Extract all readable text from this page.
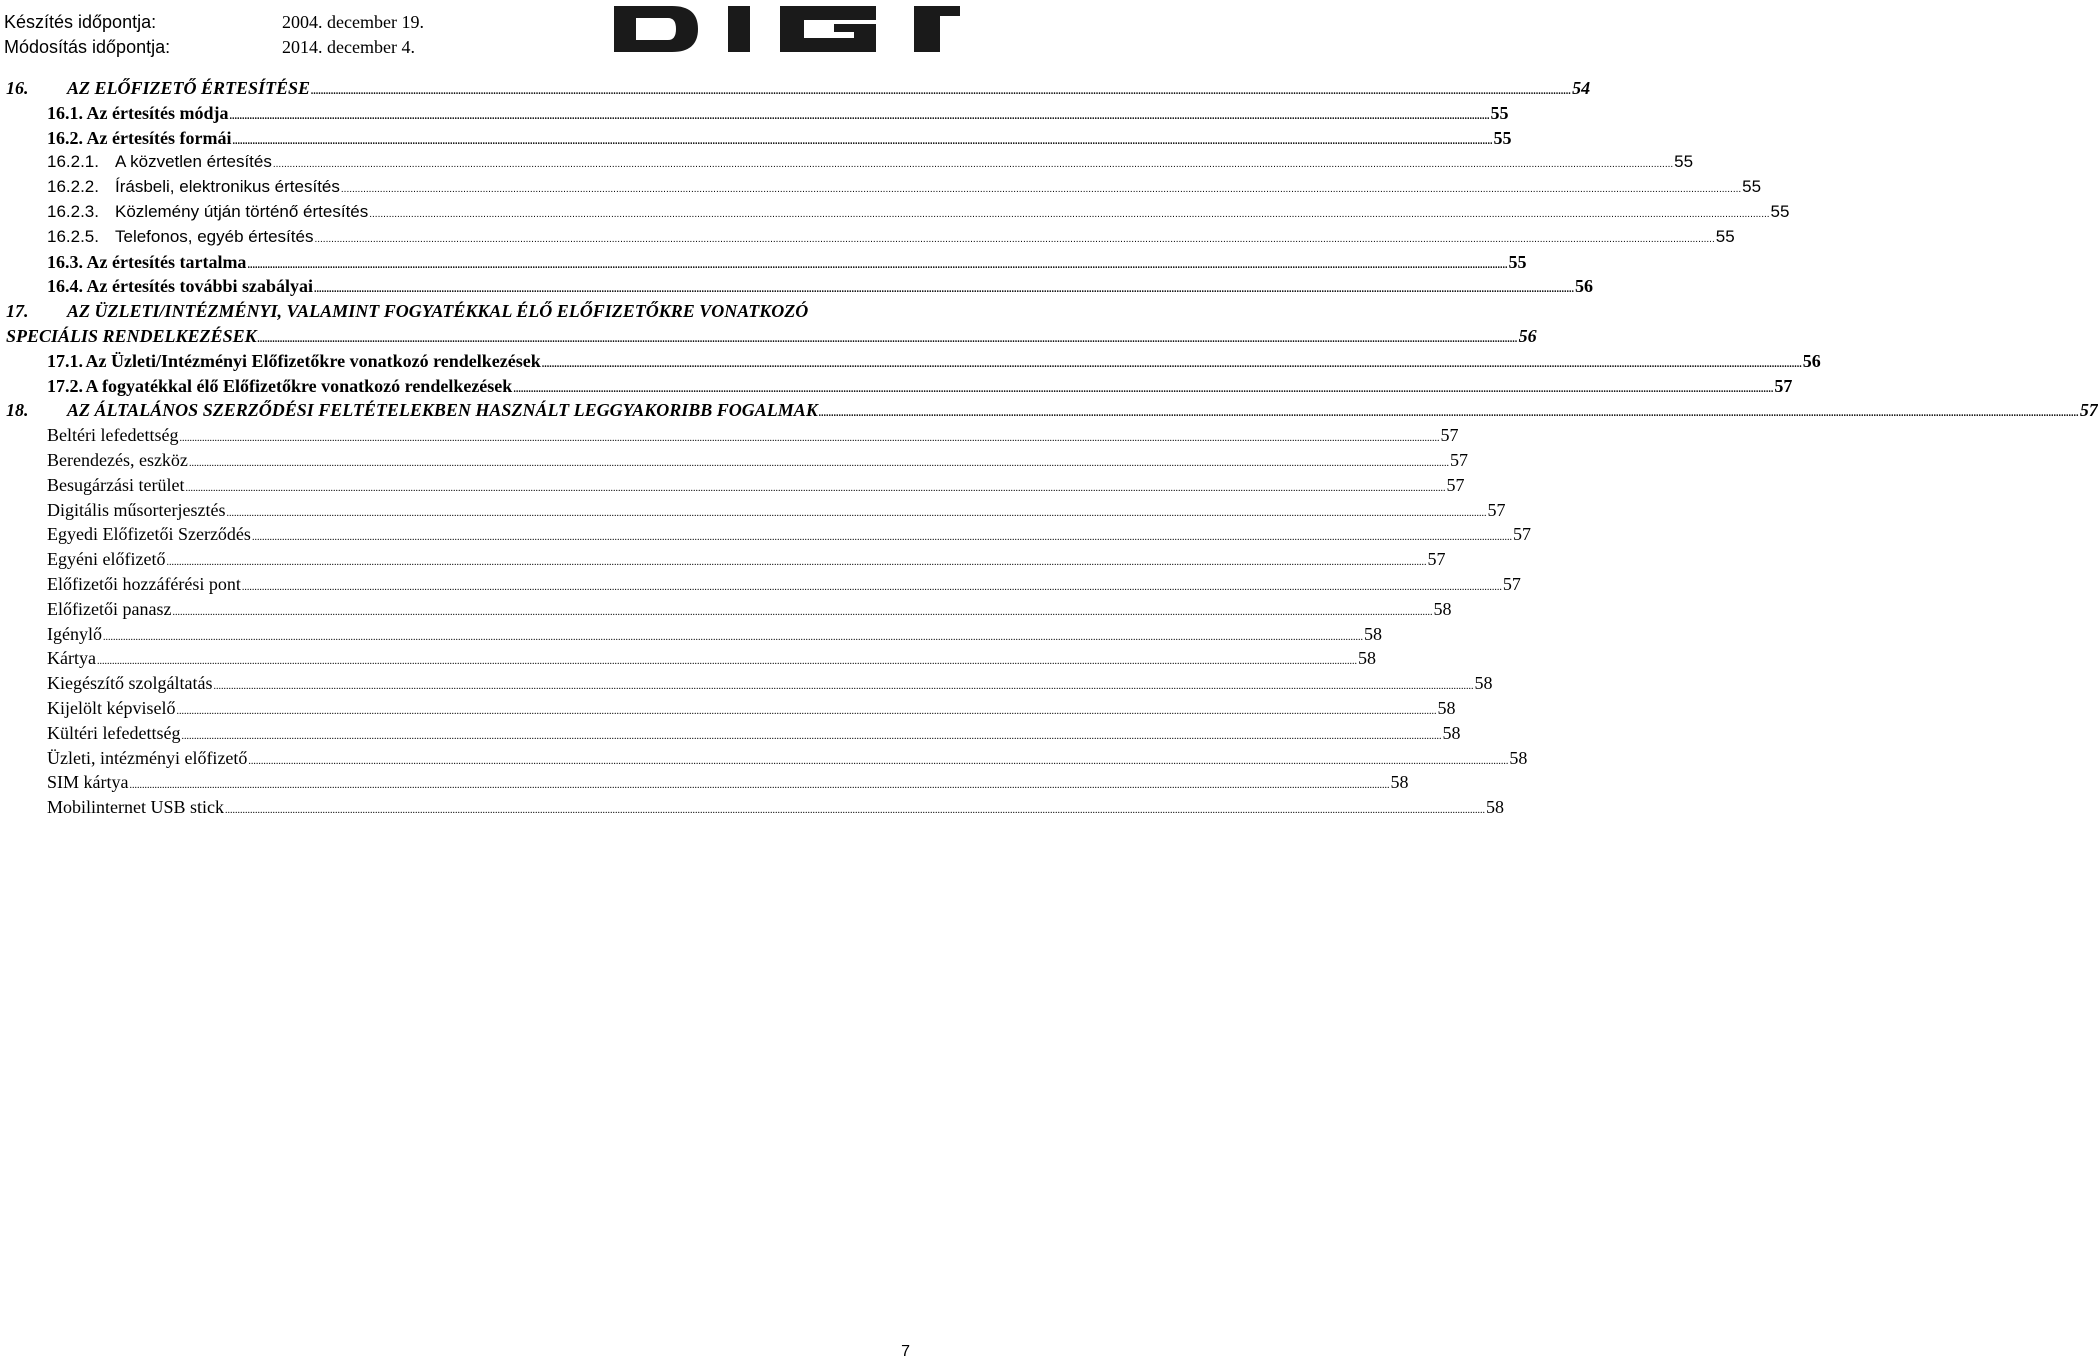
Készítés időpontja:	2004. december 19.
Módosítás időpontja:	2014. december 4.
16. AZ ELŐFIZETŐ ÉRTESÍTÉSE .....	54
16.1. Az értesítés módja .....	55
16.2. Az értesítés formái .....	55
16.2.1. A közvetlen értesítés .....	55
16.2.2. Írásbeli, elektronikus értesítés .....	55
16.2.3. Közlemény útján történő értesítés .....	55
16.2.5. Telefonos, egyéb értesítés .....	55
16.3. Az értesítés tartalma .....	55
16.4. Az értesítés további szabályai .....	56
17. AZ ÜZLETI/INTÉZMÉNYI, VALAMINT FOGYATÉKKAL ÉLŐ ELŐFIZETŐKRE VONATKOZÓ
SPECIÁLIS RENDELKEZÉSEK .....	56
17.1. Az Üzleti/Intézményi Előfizetőkre vonatkozó rendelkezések .....	56
17.2. A fogyatékkal élő Előfizetőkre vonatkozó rendelkezések .....	57
18. AZ ÁLTALÁNOS SZERZŐDÉSI FELTÉTELEKBEN HASZNÁLT LEGGYAKORIBB FOGALMAK .....	57
Beltéri lefedettség .....	57
Berendezés, eszköz .....	57
Besugárzási terület .....	57
Digitális műsorterjesztés .....	57
Egyedi Előfizetői Szerződés .....	57
Egyéni előfizető .....	57
Előfizetői hozzáférési pont .....	57
Előfizetői panasz .....	58
Igénylő .....	58
Kártya .....	58
Kiegészítő szolgáltatás .....	58
Kijelölt képviselő .....	58
Kültéri lefedettség .....	58
Üzleti, intézményi előfizető .....	58
SIM kártya .....	58
Mobilinternet USB stick .....	58
7
